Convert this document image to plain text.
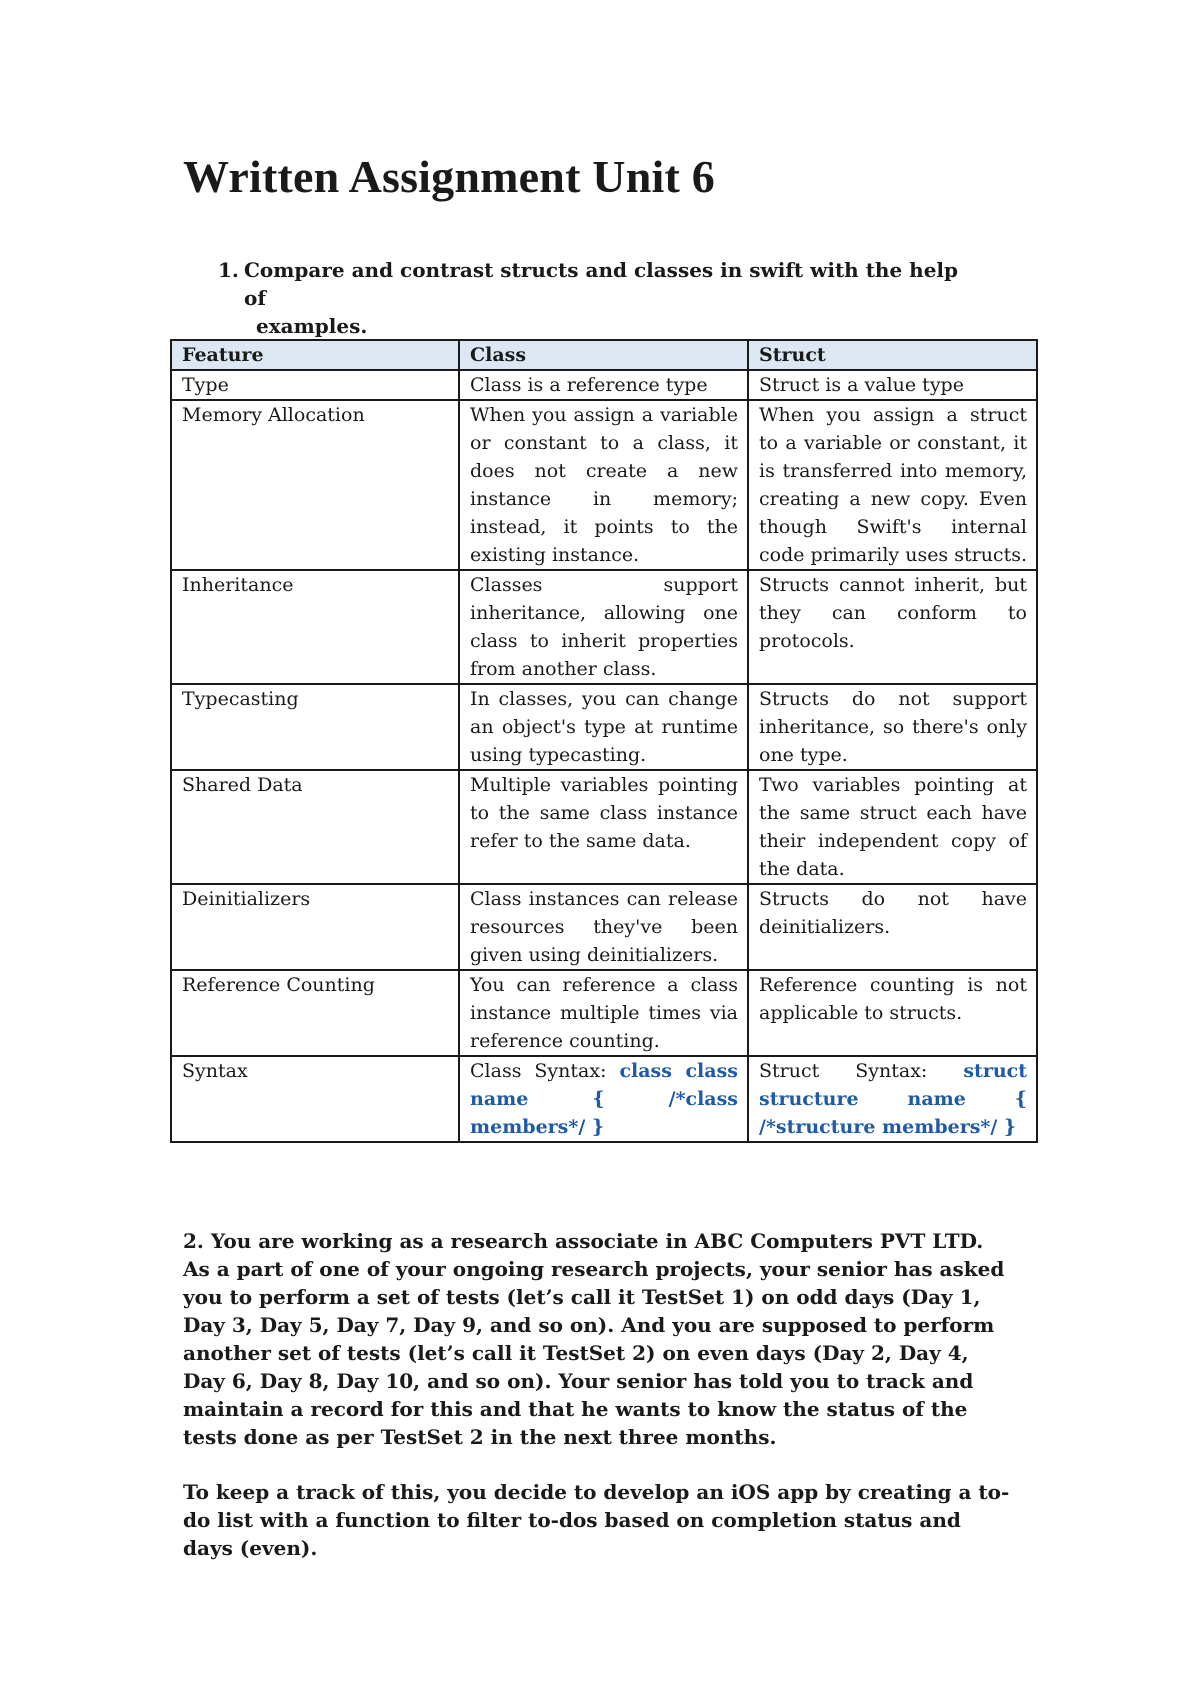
Written Assignment Unit 6
1. Compare and contrast structs and classes in swift with the help of
examples.
Feature	Class	Struct
Type	Class is a reference type	Struct is a value type
Memory Allocation	When you assign a variable or constant to a class, it does not create a new instance in memory; instead, it points to the existing instance.	When you assign a struct to a variable or constant, it is transferred into memory, creating a new copy. Even though Swift's internal code primarily uses structs.
Inheritance	Classes support inheritance, allowing one class to inherit properties from another class.	Structs cannot inherit, but they can conform to protocols.
Typecasting	In classes, you can change an object's type at runtime using typecasting.	Structs do not support inheritance, so there's only one type.
Shared Data	Multiple variables pointing to the same class instance refer to the same data.	Two variables pointing at the same struct each have their independent copy of the data.
Deinitializers	Class instances can release resources they've been given using deinitializers.	Structs do not have deinitializers.
Reference Counting	You can reference a class instance multiple times via reference counting.	Reference counting is not applicable to structs.
Syntax	Class Syntax: class class name { /*class members*/ }	Struct Syntax: struct structure name { /*structure members*/ }

2. You are working as a research associate in ABC Computers PVT LTD. As a part of one of your ongoing research projects, your senior has asked you to perform a set of tests (let’s call it TestSet 1) on odd days (Day 1, Day 3, Day 5, Day 7, Day 9, and so on). And you are supposed to perform another set of tests (let’s call it TestSet 2) on even days (Day 2, Day 4, Day 6, Day 8, Day 10, and so on). Your senior has told you to track and maintain a record for this and that he wants to know the status of the tests done as per TestSet 2 in the next three months.

To keep a track of this, you decide to develop an iOS app by creating a to-do list with a function to filter to-dos based on completion status and days (even).
